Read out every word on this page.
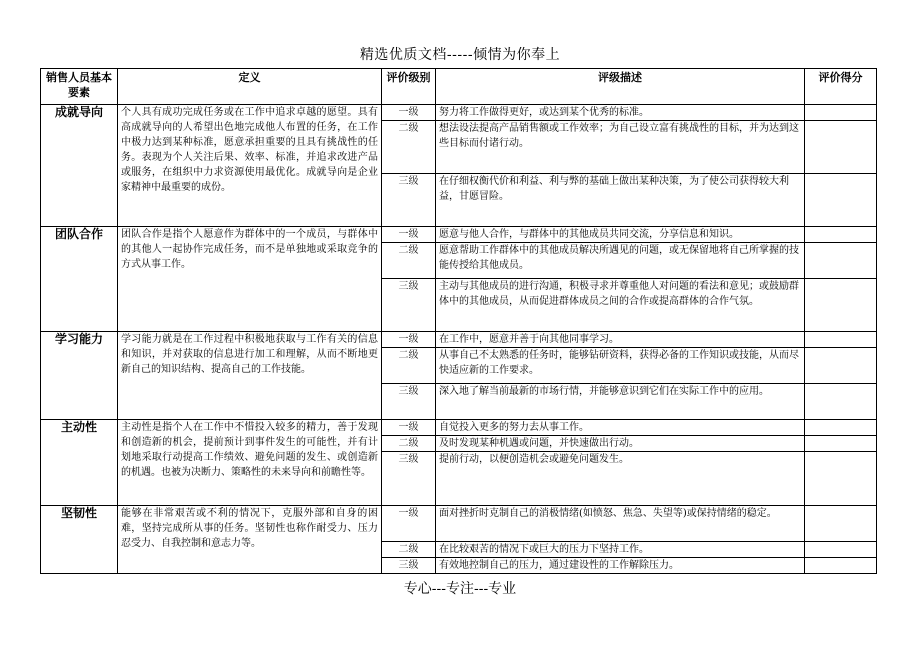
精选优质文档-----倾情为你奉上
销售人员基本要素	定义	评价级别	评级描述	评价得分
成就导向	个人具有成功完成任务或在工作中追求卓越的愿望。具有高成就导向的人希望出色地完成他人布置的任务，在工作中极力达到某种标准，愿意承担重要的且具有挑战性的任务。表现为个人关注后果、效率、标准，并追求改进产品或服务，在组织中力求资源使用最优化。成就导向是企业家精神中最重要的成份。	一级	努力将工作做得更好，或达到某个优秀的标准。	
		二级	想法设法提高产品销售额或工作效率；为自己设立富有挑战性的目标，并为达到这些目标而付诸行动。	
		三级	在仔细权衡代价和利益、利与弊的基础上做出某种决策，为了使公司获得较大利益，甘愿冒险。	
团队合作	团队合作是指个人愿意作为群体中的一个成员，与群体中的其他人一起协作完成任务，而不是单独地或采取竞争的方式从事工作。	一级	愿意与他人合作，与群体中的其他成员共同交流，分享信息和知识。	
		二级	愿意帮助工作群体中的其他成员解决所遇见的问题，或无保留地将自己所掌握的技能传授给其他成员。	
		三级	主动与其他成员的进行沟通，积极寻求并尊重他人对问题的看法和意见；或鼓励群体中的其他成员，从而促进群体成员之间的合作或提高群体的合作气氛。	
学习能力	学习能力就是在工作过程中积极地获取与工作有关的信息和知识，并对获取的信息进行加工和理解，从而不断地更新自己的知识结构、提高自己的工作技能。	一级	在工作中，愿意并善于向其他同事学习。	
		二级	从事自己不太熟悉的任务时，能够钻研资料，获得必备的工作知识或技能，从而尽快适应新的工作要求。	
		三级	深入地了解当前最新的市场行情，并能够意识到它们在实际工作中的应用。	
主动性	主动性是指个人在工作中不惜投入较多的精力，善于发现和创造新的机会，提前预计到事件发生的可能性，并有计划地采取行动提高工作绩效、避免问题的发生、或创造新的机遇。也被为决断力、策略性的未来导向和前瞻性等。	一级	自觉投入更多的努力去从事工作。	
		二级	及时发现某种机遇或问题，并快速做出行动。	
		三级	提前行动，以便创造机会或避免问题发生。	
坚韧性	能够在非常艰苦或不利的情况下，克服外部和自身的困难，坚持完成所从事的任务。坚韧性也称作耐受力、压力忍受力、自我控制和意志力等。	一级	面对挫折时克制自己的消极情绪(如愤怒、焦急、失望等)或保持情绪的稳定。	
		二级	在比较艰苦的情况下或巨大的压力下坚持工作。	
		三级	有效地控制自己的压力，通过建设性的工作解除压力。	
专心---专注---专业
